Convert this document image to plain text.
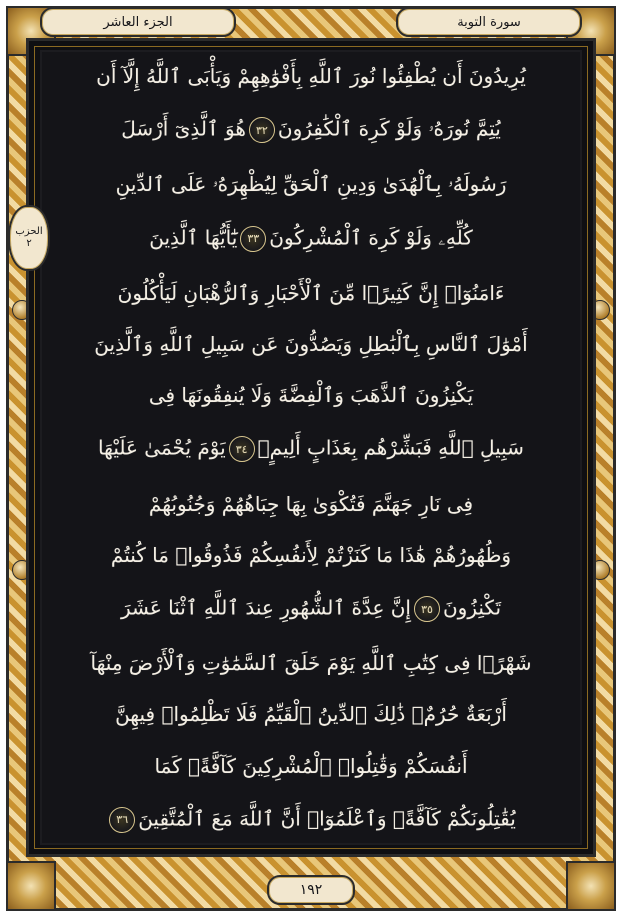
الجزء العاشر	سورة التوبة
الحزب
٢
يُرِيدُونَ أَن يُطْفِئُوا نُورَ ٱللَّهِ بِأَفْوَٰهِهِمْ وَيَأْبَى ٱللَّهُ إِلَّآ أَن
يُتِمَّ نُورَهُۥ وَلَوْ كَرِهَ ٱلْكَٰفِرُونَ٣٢هُوَ ٱلَّذِىٓ أَرْسَلَ
رَسُولَهُۥ بِٱلْهُدَىٰ وَدِينِ ٱلْحَقِّ لِيُظْهِرَهُۥ عَلَى ٱلدِّينِ
كُلِّهِۦ وَلَوْ كَرِهَ ٱلْمُشْرِكُونَ٣٣يَٰٓأَيُّهَا ٱلَّذِينَ
ءَامَنُوٓا۟ إِنَّ كَثِيرًۭا مِّنَ ٱلْأَحْبَارِ وَٱلرُّهْبَانِ لَيَأْكُلُونَ
أَمْوَٰلَ ٱلنَّاسِ بِٱلْبَٰطِلِ وَيَصُدُّونَ عَن سَبِيلِ ٱللَّهِ وَٱلَّذِينَ
يَكْنِزُونَ ٱلذَّهَبَ وَٱلْفِضَّةَ وَلَا يُنفِقُونَهَا فِى
سَبِيلِ ٱللَّهِ فَبَشِّرْهُم بِعَذَابٍ أَلِيمٍۢ٣٤يَوْمَ يُحْمَىٰ عَلَيْهَا
فِى نَارِ جَهَنَّمَ فَتُكْوَىٰ بِهَا جِبَاهُهُمْ وَجُنُوبُهُمْ
وَظُهُورُهُمْ هَٰذَا مَا كَنَزْتُمْ لِأَنفُسِكُمْ فَذُوقُوا۟ مَا كُنتُمْ
تَكْنِزُونَ٣٥إِنَّ عِدَّةَ ٱلشُّهُورِ عِندَ ٱللَّهِ ٱثْنَا عَشَرَ
شَهْرًۭا فِى كِتَٰبِ ٱللَّهِ يَوْمَ خَلَقَ ٱلسَّمَٰوَٰتِ وَٱلْأَرْضَ مِنْهَآ
أَرْبَعَةٌ حُرُمٌۭ ذَٰلِكَ ٱلدِّينُ ٱلْقَيِّمُ فَلَا تَظْلِمُوا۟ فِيهِنَّ
أَنفُسَكُمْ وَقَٰتِلُوا۟ ٱلْمُشْرِكِينَ كَآفَّةًۭ كَمَا
يُقَٰتِلُونَكُمْ كَآفَّةًۭ وَٱعْلَمُوٓا۟ أَنَّ ٱللَّهَ مَعَ ٱلْمُتَّقِينَ٣٦
١٩٢
